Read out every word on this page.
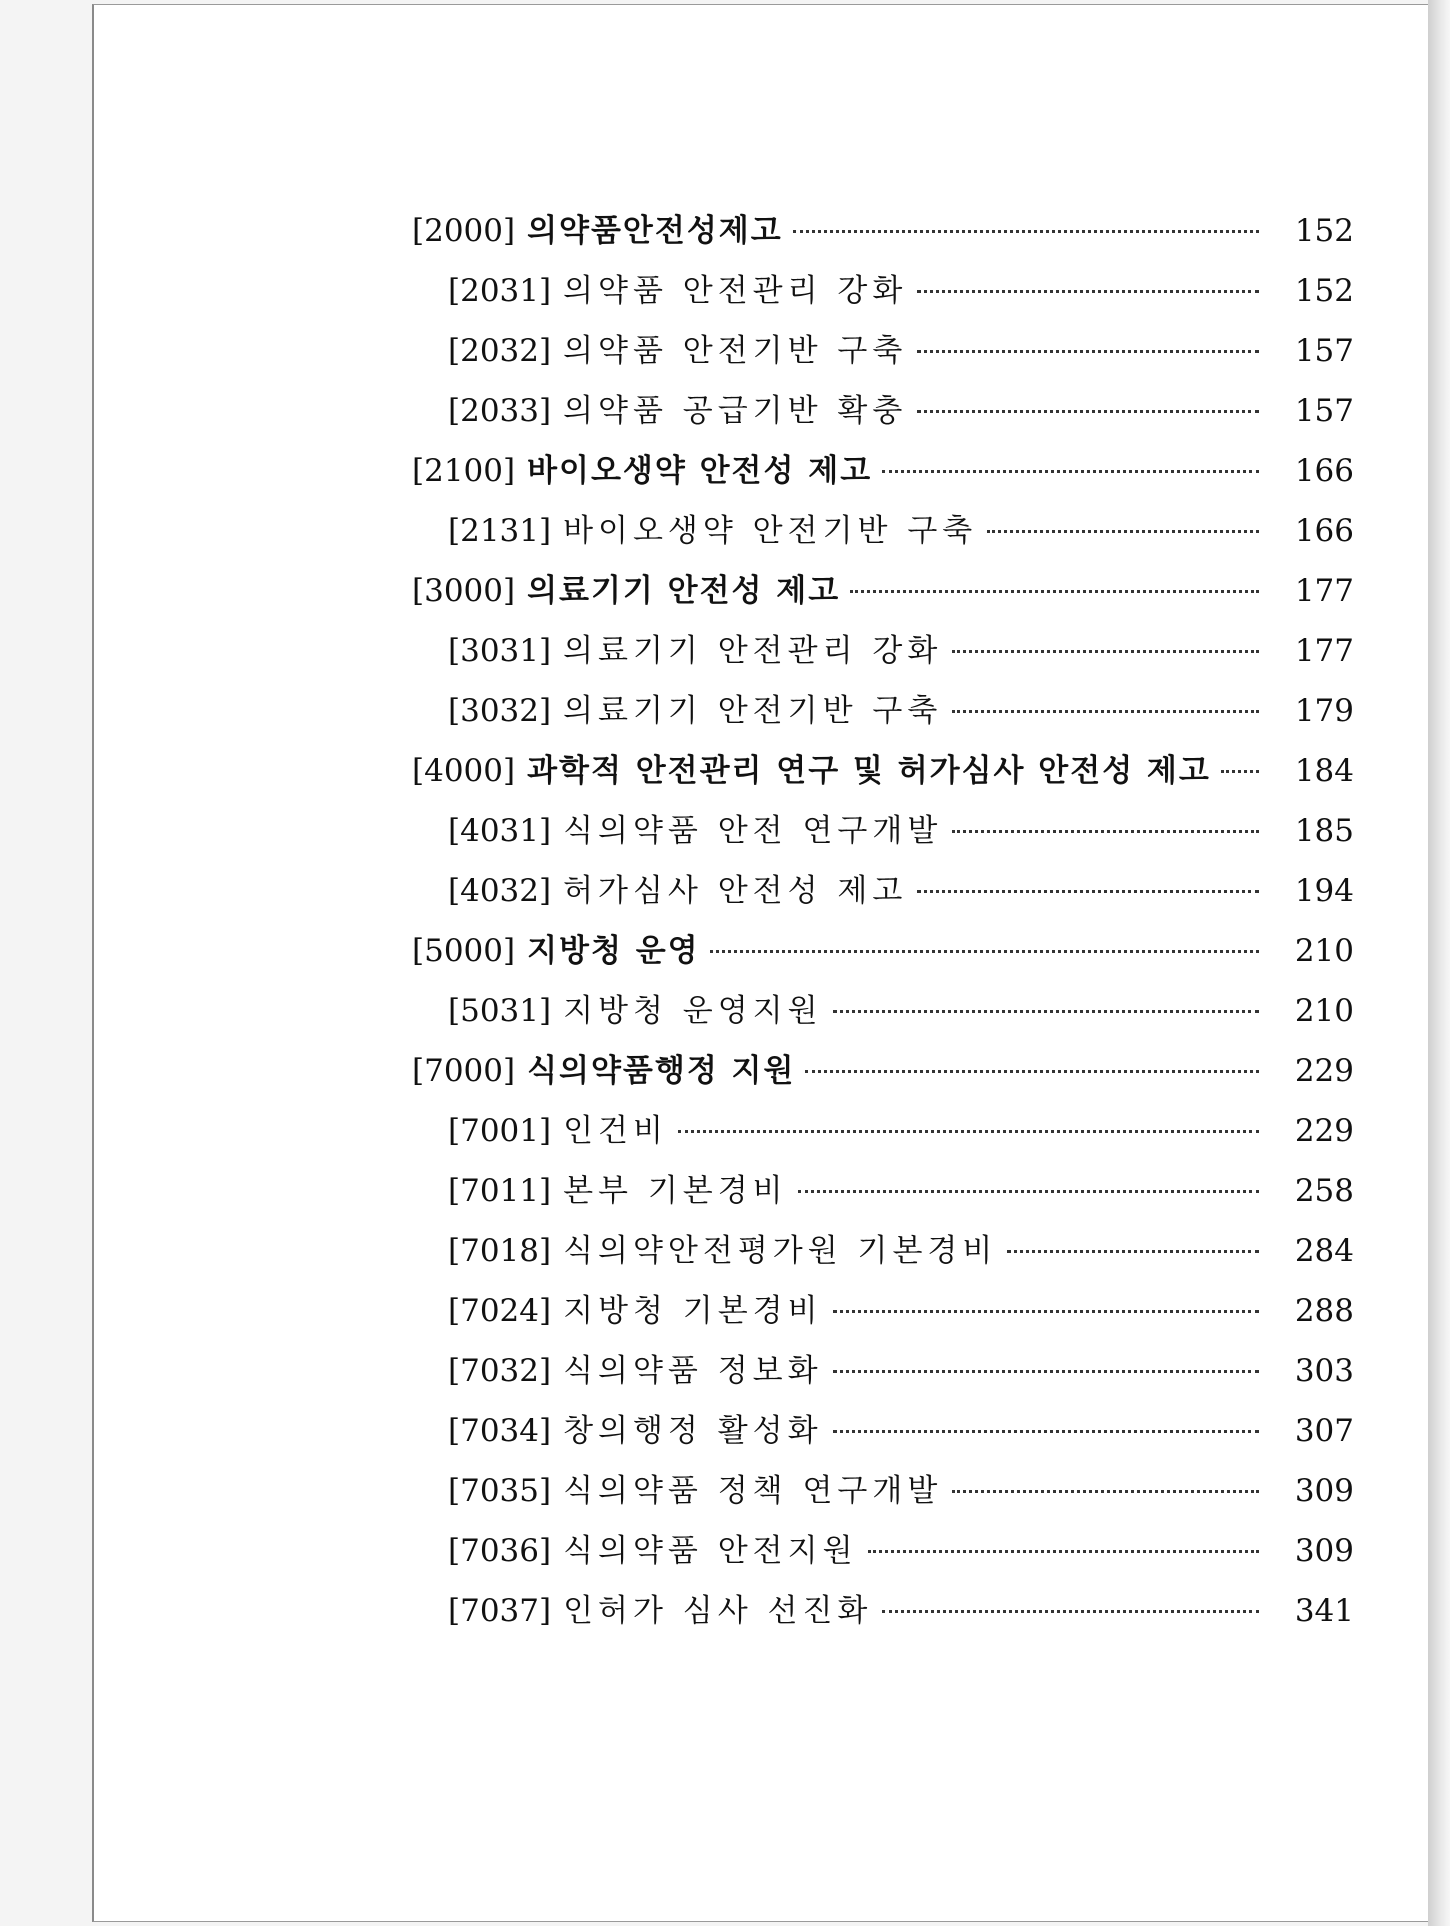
[2000] 의약품안전성제고	152
[2031] 의약품 안전관리 강화	152
[2032] 의약품 안전기반 구축	157
[2033] 의약품 공급기반 확충	157
[2100] 바이오생약 안전성 제고	166
[2131] 바이오생약 안전기반 구축	166
[3000] 의료기기 안전성 제고	177
[3031] 의료기기 안전관리 강화	177
[3032] 의료기기 안전기반 구축	179
[4000] 과학적 안전관리 연구 및 허가심사 안전성 제고	184
[4031] 식의약품 안전 연구개발	185
[4032] 허가심사 안전성 제고	194
[5000] 지방청 운영	210
[5031] 지방청 운영지원	210
[7000] 식의약품행정 지원	229
[7001] 인건비	229
[7011] 본부 기본경비	258
[7018] 식의약안전평가원 기본경비	284
[7024] 지방청 기본경비	288
[7032] 식의약품 정보화	303
[7034] 창의행정 활성화	307
[7035] 식의약품 정책 연구개발	309
[7036] 식의약품 안전지원	309
[7037] 인허가 심사 선진화	341
